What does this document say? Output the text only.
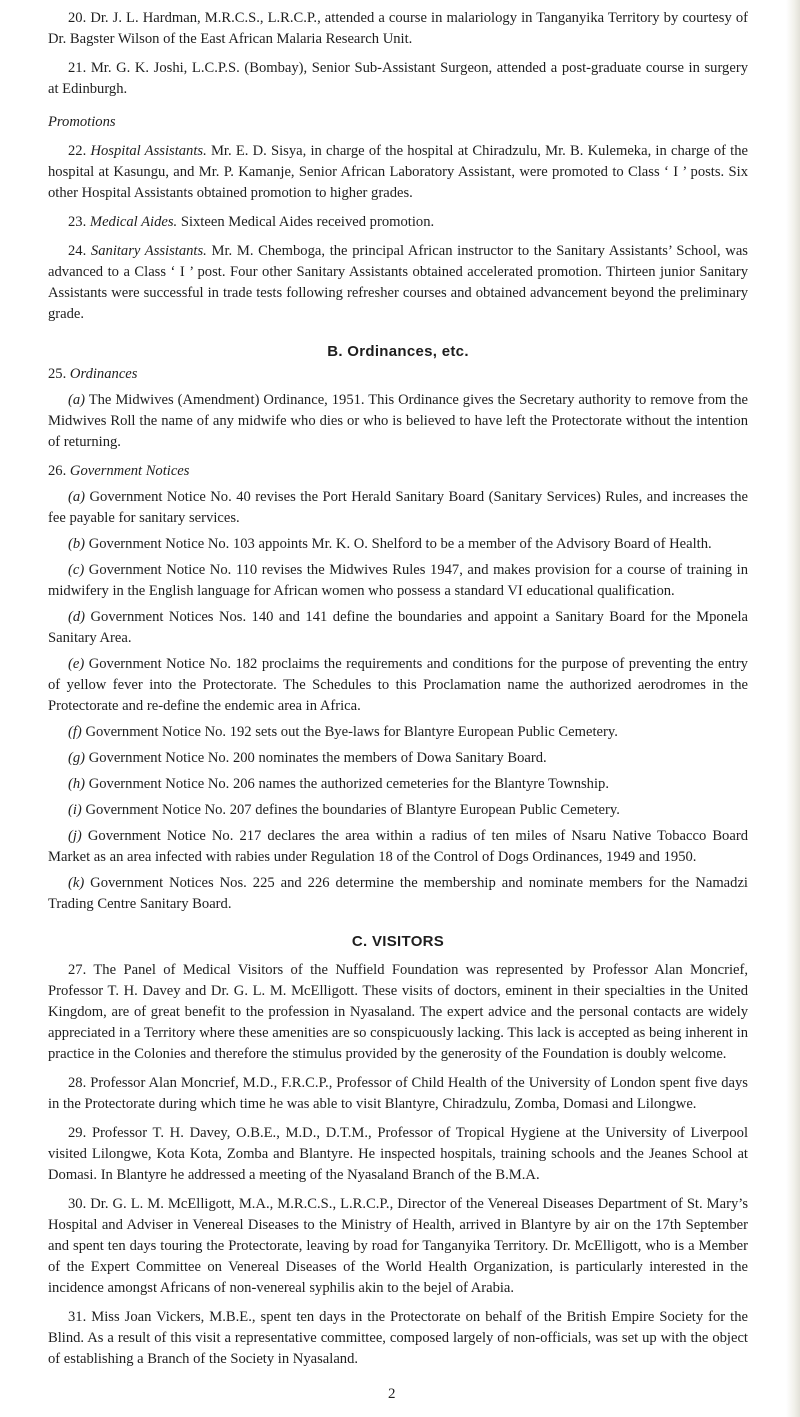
20. Dr. J. L. Hardman, M.R.C.S., L.R.C.P., attended a course in malariology in Tanganyika Territory by courtesy of Dr. Bagster Wilson of the East African Malaria Research Unit.

21. Mr. G. K. Joshi, L.C.P.S. (Bombay), Senior Sub-Assistant Surgeon, attended a post-graduate course in surgery at Edinburgh.

Promotions

22. Hospital Assistants. Mr. E. D. Sisya, in charge of the hospital at Chiradzulu, Mr. B. Kulemeka, in charge of the hospital at Kasungu, and Mr. P. Kamanje, Senior African Laboratory Assistant, were promoted to Class ‘ I ’ posts. Six other Hospital Assistants obtained promotion to higher grades.

23. Medical Aides. Sixteen Medical Aides received promotion.

24. Sanitary Assistants. Mr. M. Chemboga, the principal African instructor to the Sanitary Assistants’ School, was advanced to a Class ‘ I ’ post. Four other Sanitary Assistants obtained accelerated promotion. Thirteen junior Sanitary Assistants were successful in trade tests following refresher courses and obtained advancement beyond the preliminary grade.

B. Ordinances, etc.

25. Ordinances

(a) The Midwives (Amendment) Ordinance, 1951. This Ordinance gives the Secretary authority to remove from the Midwives Roll the name of any midwife who dies or who is believed to have left the Protectorate without the intention of returning.

26. Government Notices

(a) Government Notice No. 40 revises the Port Herald Sanitary Board (Sanitary Services) Rules, and increases the fee payable for sanitary services.

(b) Government Notice No. 103 appoints Mr. K. O. Shelford to be a member of the Advisory Board of Health.

(c) Government Notice No. 110 revises the Midwives Rules 1947, and makes provision for a course of training in midwifery in the English language for African women who possess a standard VI educational qualification.

(d) Government Notices Nos. 140 and 141 define the boundaries and appoint a Sanitary Board for the Mponela Sanitary Area.

(e) Government Notice No. 182 proclaims the requirements and conditions for the purpose of preventing the entry of yellow fever into the Protectorate. The Schedules to this Proclamation name the authorized aerodromes in the Protectorate and re-define the endemic area in Africa.

(f) Government Notice No. 192 sets out the Bye-laws for Blantyre European Public Cemetery.

(g) Government Notice No. 200 nominates the members of Dowa Sanitary Board.

(h) Government Notice No. 206 names the authorized cemeteries for the Blantyre Township.

(i) Government Notice No. 207 defines the boundaries of Blantyre European Public Cemetery.

(j) Government Notice No. 217 declares the area within a radius of ten miles of Nsaru Native Tobacco Board Market as an area infected with rabies under Regulation 18 of the Control of Dogs Ordinances, 1949 and 1950.

(k) Government Notices Nos. 225 and 226 determine the membership and nominate members for the Namadzi Trading Centre Sanitary Board.

C. VISITORS

27. The Panel of Medical Visitors of the Nuffield Foundation was represented by Professor Alan Moncrief, Professor T. H. Davey and Dr. G. L. M. McElligott. These visits of doctors, eminent in their specialties in the United Kingdom, are of great benefit to the profession in Nyasaland. The expert advice and the personal contacts are widely appreciated in a Territory where these amenities are so conspicuously lacking. This lack is accepted as being inherent in practice in the Colonies and therefore the stimulus provided by the generosity of the Foundation is doubly welcome.

28. Professor Alan Moncrief, M.D., F.R.C.P., Professor of Child Health of the University of London spent five days in the Protectorate during which time he was able to visit Blantyre, Chiradzulu, Zomba, Domasi and Lilongwe.

29. Professor T. H. Davey, O.B.E., M.D., D.T.M., Professor of Tropical Hygiene at the University of Liverpool visited Lilongwe, Kota Kota, Zomba and Blantyre. He inspected hospitals, training schools and the Jeanes School at Domasi. In Blantyre he addressed a meeting of the Nyasaland Branch of the B.M.A.

30. Dr. G. L. M. McElligott, M.A., M.R.C.S., L.R.C.P., Director of the Venereal Diseases Department of St. Mary’s Hospital and Adviser in Venereal Diseases to the Ministry of Health, arrived in Blantyre by air on the 17th September and spent ten days touring the Protectorate, leaving by road for Tanganyika Territory. Dr. McElligott, who is a Member of the Expert Committee on Venereal Diseases of the World Health Organization, is particularly interested in the incidence amongst Africans of non-venereal syphilis akin to the bejel of Arabia.

31. Miss Joan Vickers, M.B.E., spent ten days in the Protectorate on behalf of the British Empire Society for the Blind. As a result of this visit a representative committee, composed largely of non-officials, was set up with the object of establishing a Branch of the Society in Nyasaland.

2
